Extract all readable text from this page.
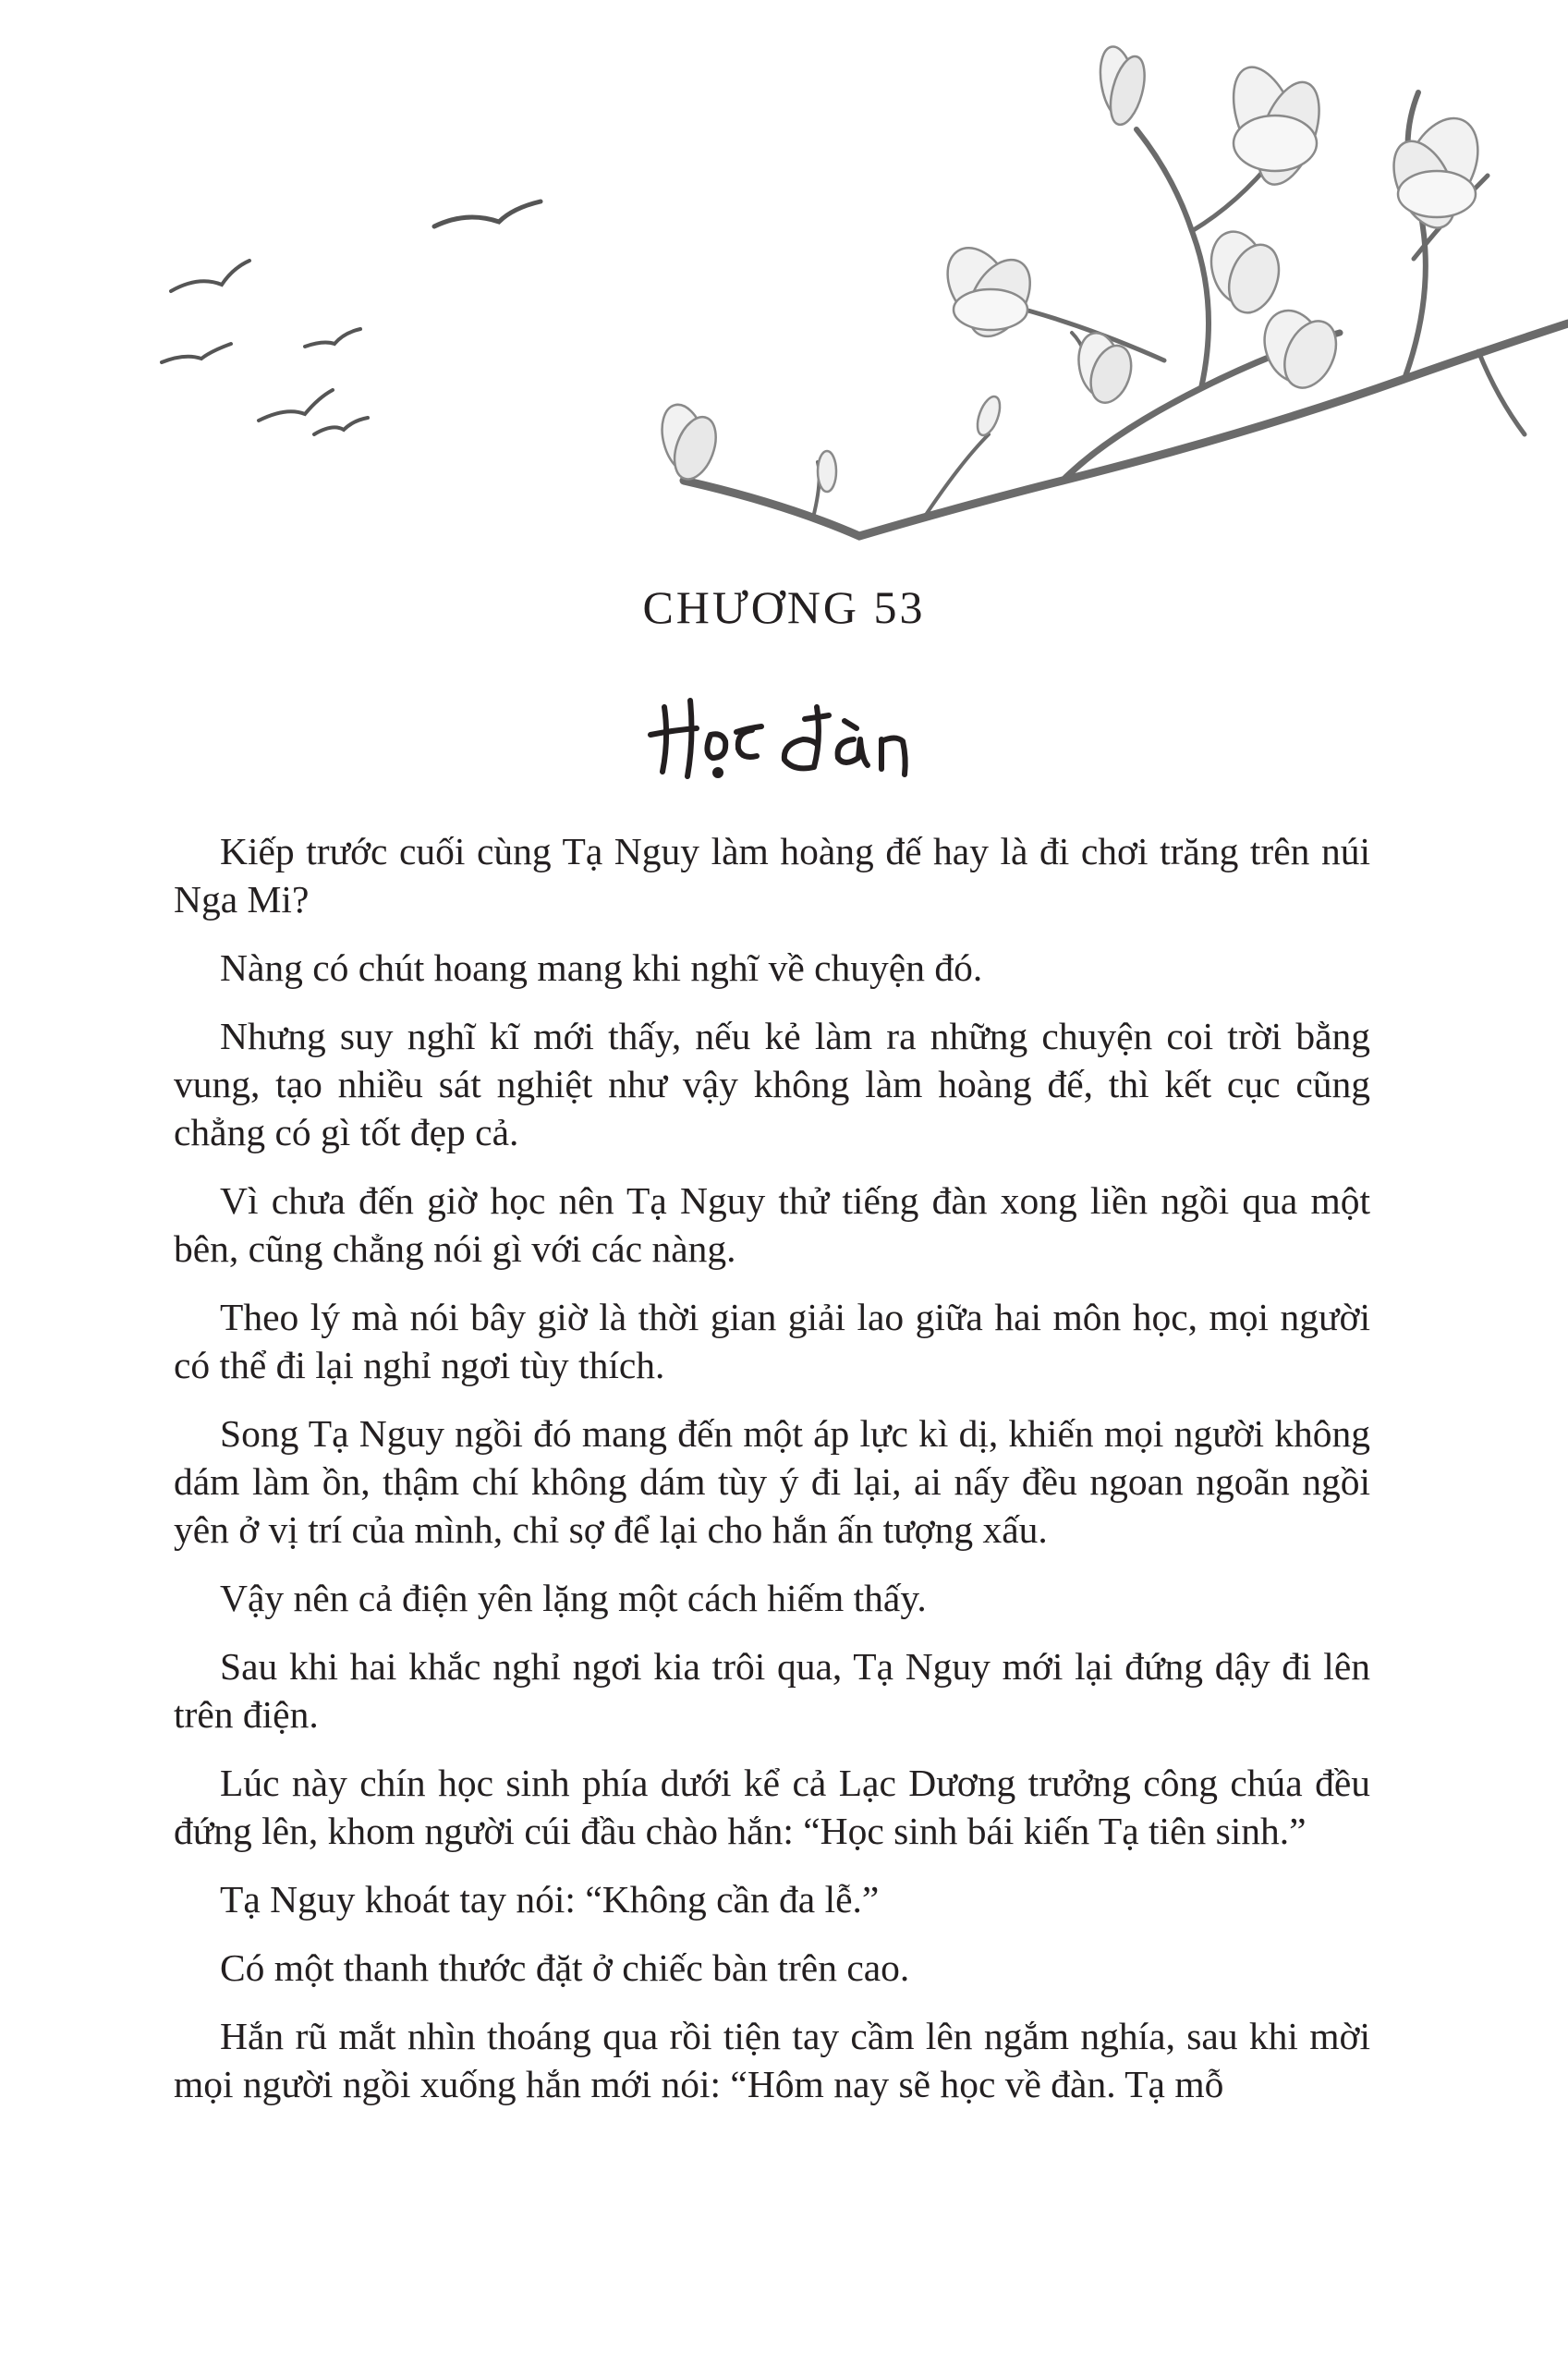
CHƯƠNG 53

Kiếp trước cuối cùng Tạ Nguy làm hoàng đế hay là đi chơi trăng trên núi Nga Mi?

Nàng có chút hoang mang khi nghĩ về chuyện đó.

Nhưng suy nghĩ kĩ mới thấy, nếu kẻ làm ra những chuyện coi trời bằng vung, tạo nhiều sát nghiệt như vậy không làm hoàng đế, thì kết cục cũng chẳng có gì tốt đẹp cả.

Vì chưa đến giờ học nên Tạ Nguy thử tiếng đàn xong liền ngồi qua một bên, cũng chẳng nói gì với các nàng.

Theo lý mà nói bây giờ là thời gian giải lao giữa hai môn học, mọi người có thể đi lại nghỉ ngơi tùy thích.

Song Tạ Nguy ngồi đó mang đến một áp lực kì dị, khiến mọi người không dám làm ồn, thậm chí không dám tùy ý đi lại, ai nấy đều ngoan ngoãn ngồi yên ở vị trí của mình, chỉ sợ để lại cho hắn ấn tượng xấu.

Vậy nên cả điện yên lặng một cách hiếm thấy.

Sau khi hai khắc nghỉ ngơi kia trôi qua, Tạ Nguy mới lại đứng dậy đi lên trên điện.

Lúc này chín học sinh phía dưới kể cả Lạc Dương trưởng công chúa đều đứng lên, khom người cúi đầu chào hắn: “Học sinh bái kiến Tạ tiên sinh.”

Tạ Nguy khoát tay nói: “Không cần đa lễ.”

Có một thanh thước đặt ở chiếc bàn trên cao.

Hắn rũ mắt nhìn thoáng qua rồi tiện tay cầm lên ngắm nghía, sau khi mời mọi người ngồi xuống hắn mới nói: “Hôm nay sẽ học về đàn. Tạ mỗ
